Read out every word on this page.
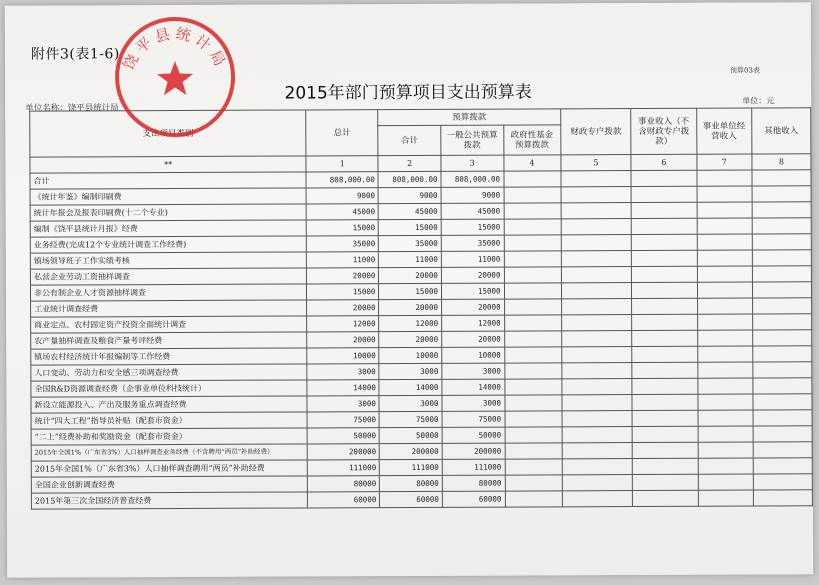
附件3(表1-6)
预算03表
2015年部门预算项目支出预算表
单位名称：饶平县统计局
单位：元
支出项目类别	总计	预算拨款			财政专户拨款	事业收入（不含财政专户拨款）	事业单位经营收入	其他收入
		合计	一般公共预算拨款	政府性基金预算拨款				
**	1	2	3	4	5	6	7	8
合计	808,000.00	808,000.00	808,000.00					
《统计年鉴》编制印刷费	9000	9000	9000					
统计年报会及报表印刷费(十二个专业)	45000	45000	45000					
编制《饶平县统计月报》经费	15000	15000	15000					
业务经费(完成12个专业统计调查工作经费)	35000	35000	35000					
镇场领导班子工作实绩考核	11000	11000	11000					
私营企业劳动工资抽样调查	20000	20000	20000					
非公有制企业人才资源抽样调查	15000	15000	15000					
工业统计调查经费	20000	20000	20000					
商业定点、农村固定资产投资全面统计调查	12000	12000	12000					
农产量抽样调查及粮食产量考评经费	20000	20000	20000					
镇场农村经济统计年报编制等工作经费	10000	10000	10000					
人口变动、劳动力和安全感三项调查经费	3000	3000	3000					
全国R&D资源调查经费（企事业单位科技统计）	14000	14000	14000					
新设立能源投入、产出及服务重点调查经费	3000	3000	3000					
统计“四大工程”指导员补贴（配套市资金）	75000	75000	75000					
“二上”经费补助和奖励资金（配套市资金）	50000	50000	50000					
2015年全国1%（广东省3%）人口抽样调查业务经费（不含聘用“两员”补助经费）	200000	200000	200000					
2015年全国1%（广东省3%）人口抽样调查聘用“两员”补助经费	111000	111000	111000					
全国企业创新调查经费	80000	80000	80000					
2015年第三次全国经济普查经费	60000	60000	60000					
饶平县统计局
